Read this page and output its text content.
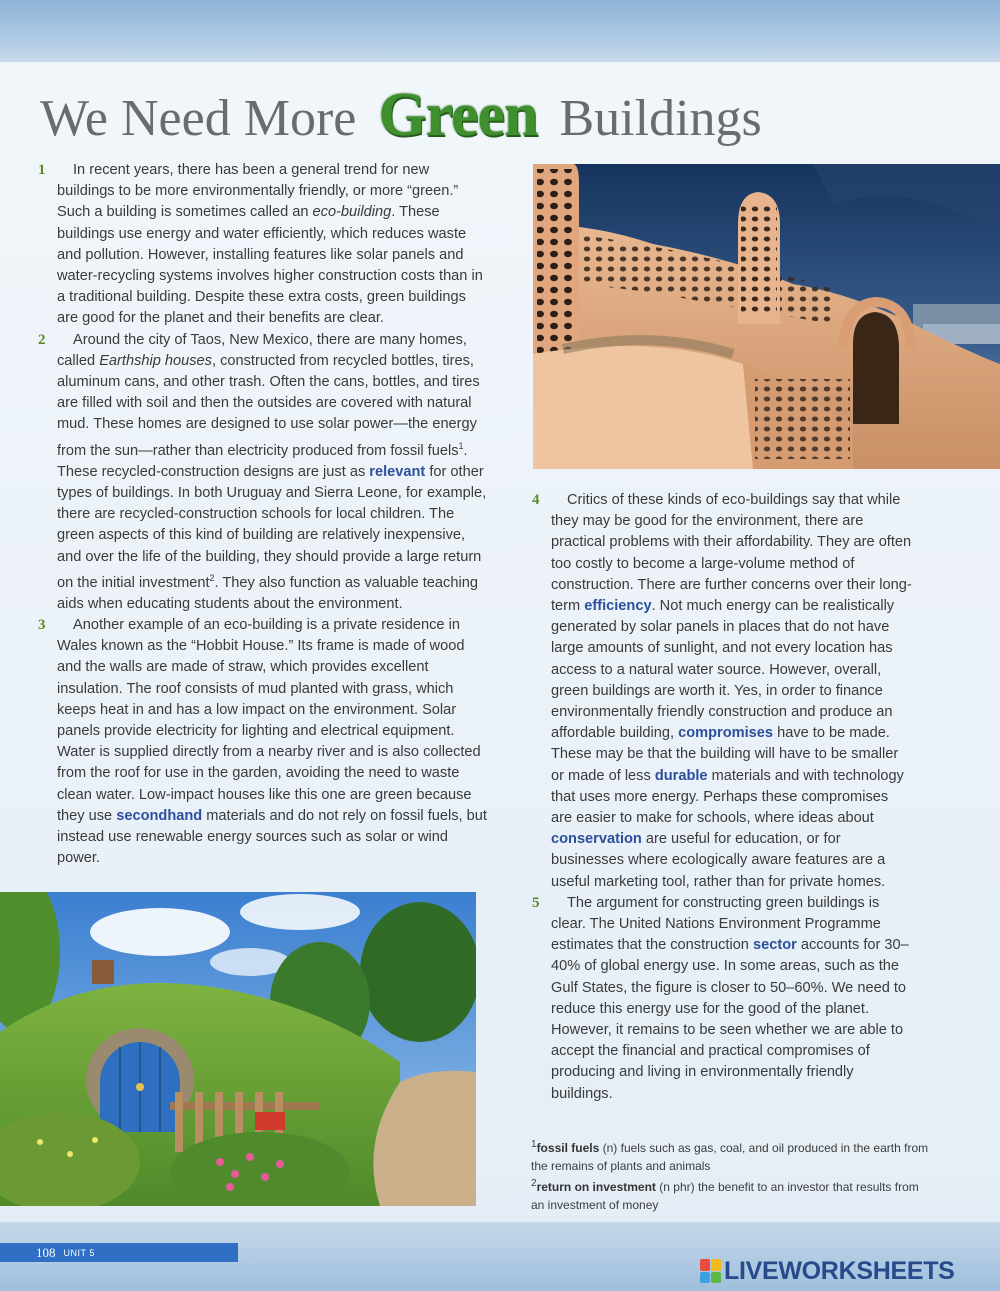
We Need More Green Buildings

1 In recent years, there has been a general trend for new buildings to be more environmentally friendly, or more “green.” Such a building is sometimes called an eco-building. These buildings use energy and water efficiently, which reduces waste and pollution. However, installing features like solar panels and water-recycling systems involves higher construction costs than in a traditional building. Despite these extra costs, green buildings are good for the planet and their benefits are clear.

2 Around the city of Taos, New Mexico, there are many homes, called Earthship houses, constructed from recycled bottles, tires, aluminum cans, and other trash. Often the cans, bottles, and tires are filled with soil and then the outsides are covered with natural mud. These homes are designed to use solar power—the energy from the sun—rather than electricity produced from fossil fuels$^1$. These recycled-construction designs are just as relevant for other types of buildings. In both Uruguay and Sierra Leone, for example, there are recycled-construction schools for local children. The green aspects of this kind of building are relatively inexpensive, and over the life of the building, they should provide a large return on the initial investment$^2$. They also function as valuable teaching aids when educating students about the environment.

3 Another example of an eco-building is a private residence in Wales known as the “Hobbit House.” Its frame is made of wood and the walls are made of straw, which provides excellent insulation. The roof consists of mud planted with grass, which keeps heat in and has a low impact on the environment. Solar panels provide electricity for lighting and electrical equipment. Water is supplied directly from a nearby river and is also collected from the roof for use in the garden, avoiding the need to waste clean water. Low-impact houses like this one are green because they use secondhand materials and do not rely on fossil fuels, but instead use renewable energy sources such as solar or wind power.

4 Critics of these kinds of eco-buildings say that while they may be good for the environment, there are practical problems with their affordability. They are often too costly to become a large-volume method of construction. There are further concerns over their long-term efficiency. Not much energy can be realistically generated by solar panels in places that do not have large amounts of sunlight, and not every location has access to a natural water source. However, overall, green buildings are worth it. Yes, in order to finance environmentally friendly construction and produce an affordable building, compromises have to be made. These may be that the building will have to be smaller or made of less durable materials and with technology that uses more energy. Perhaps these compromises are easier to make for schools, where ideas about conservation are useful for education, or for businesses where ecologically aware features are a useful marketing tool, rather than for private homes.

5 The argument for constructing green buildings is clear. The United Nations Environment Programme estimates that the construction sector accounts for 30–40% of global energy use. In some areas, such as the Gulf States, the figure is closer to 50–60%. We need to reduce this energy use for the good of the planet. However, it remains to be seen whether we are able to accept the financial and practical compromises of producing and living in environmentally friendly buildings.

$^1$fossil fuels (n) fuels such as gas, coal, and oil produced in the earth from the remains of plants and animals
$^2$return on investment (n phr) the benefit to an investor that results from an investment of money
108 UNIT 5
LIVEWORKSHEETS
